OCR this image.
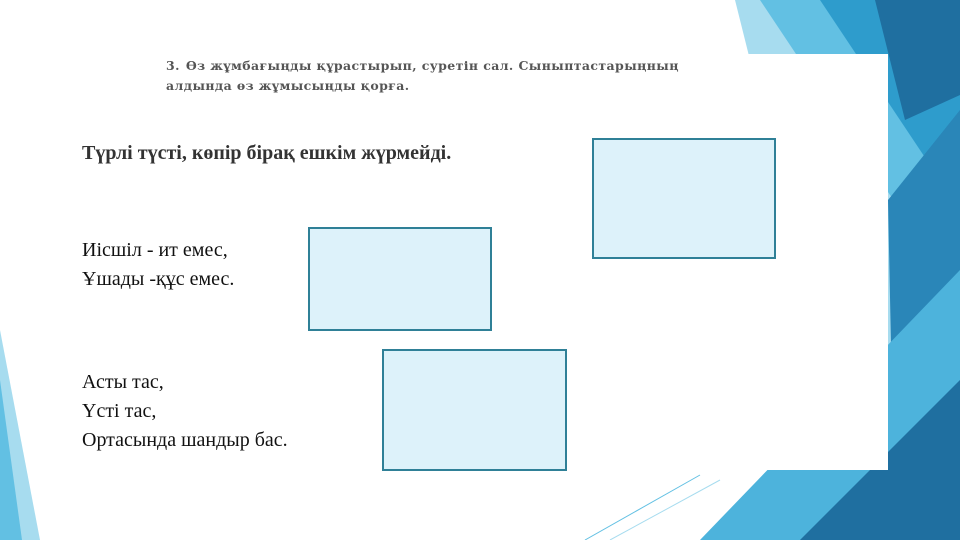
3. Өз жұмбағыңды құрастырып, суретін сал. Сыныптастарыңның алдында өз жұмысыңды қорға.
Түрлі түсті, көпір бірақ ешкім жүрмейді.
Иісшіл - ит емес,
Ұшады -құс емес.
Асты тас,
Үсті тас,
Ортасында шандыр бас.
